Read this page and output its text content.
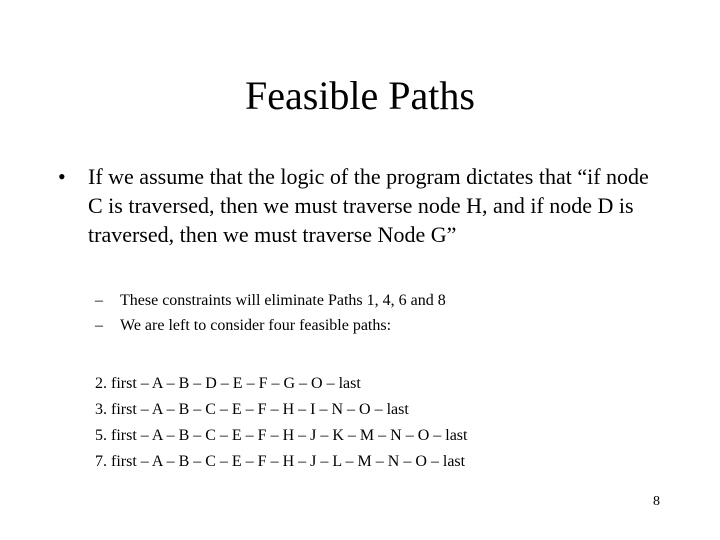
Feasible Paths
•	If we assume that the logic of the program dictates that “if node C is traversed, then we must traverse node H, and if node D is traversed, then we must traverse Node G”
–	These constraints will eliminate Paths 1, 4, 6 and 8
–	We are left to consider four feasible paths:
2. first – A – B – D – E – F – G – O – last
3. first – A – B – C – E – F – H – I – N – O – last
5. first – A – B – C – E – F – H – J – K – M – N – O – last
7. first – A – B – C – E – F – H – J – L – M – N – O – last
8
